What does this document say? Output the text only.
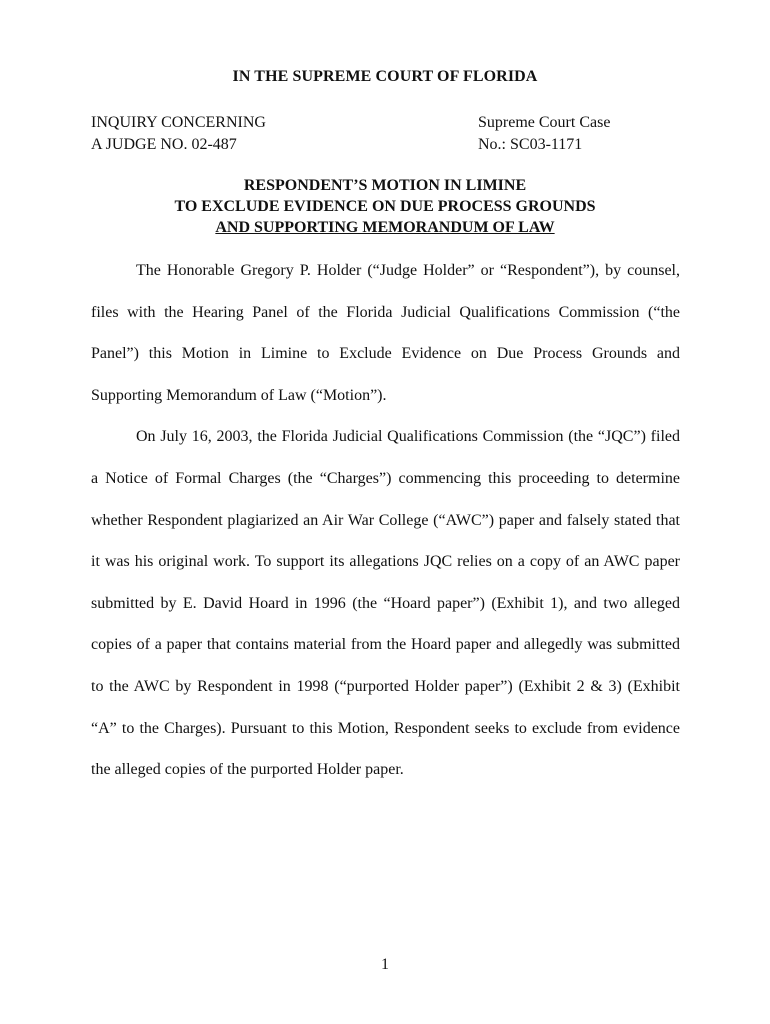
IN THE SUPREME COURT OF FLORIDA
INQUIRY CONCERNING
A JUDGE NO. 02-487
Supreme Court Case
No.: SC03-1171
RESPONDENT’S MOTION IN LIMINE
TO EXCLUDE EVIDENCE ON DUE PROCESS GROUNDS
AND SUPPORTING MEMORANDUM OF LAW

The Honorable Gregory P. Holder (“Judge Holder” or “Respondent”), by counsel, files with the Hearing Panel of the Florida Judicial Qualifications Commission (“the Panel”) this Motion in Limine to Exclude Evidence on Due Process Grounds and Supporting Memorandum of Law (“Motion”).

On July 16, 2003, the Florida Judicial Qualifications Commission (the “JQC”) filed a Notice of Formal Charges (the “Charges”) commencing this proceeding to determine whether Respondent plagiarized an Air War College (“AWC”) paper and falsely stated that it was his original work. To support its allegations JQC relies on a copy of an AWC paper submitted by E. David Hoard in 1996 (the “Hoard paper”) (Exhibit 1), and two alleged copies of a paper that contains material from the Hoard paper and allegedly was submitted to the AWC by Respondent in 1998 (“purported Holder paper”) (Exhibit 2 & 3) (Exhibit “A” to the Charges). Pursuant to this Motion, Respondent seeks to exclude from evidence the alleged copies of the purported Holder paper.

1
